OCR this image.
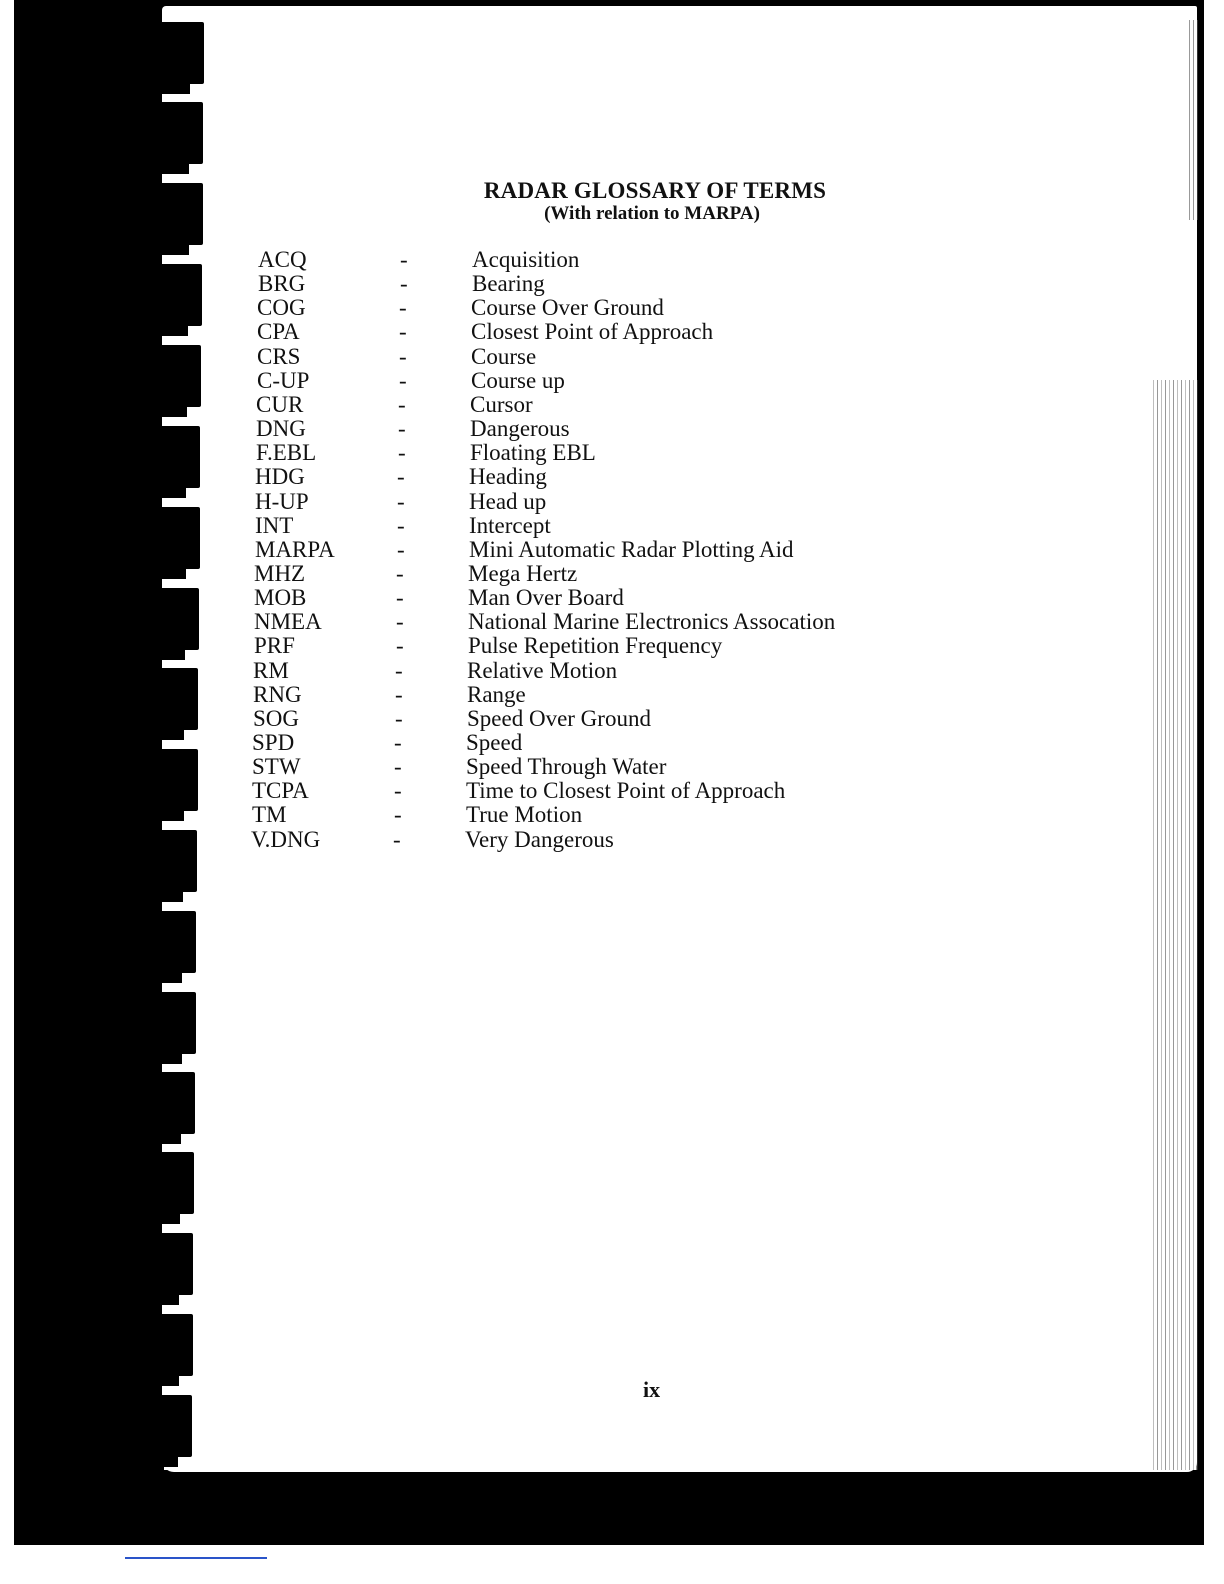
RADAR GLOSSARY OF TERMS
(With relation to MARPA)
ACQ	-	Acquisition
BRG	-	Bearing
COG	-	Course Over Ground
CPA	-	Closest Point of Approach
CRS	-	Course
C-UP	-	Course up
CUR	-	Cursor
DNG	-	Dangerous
F.EBL	-	Floating EBL
HDG	-	Heading
H-UP	-	Head up
INT	-	Intercept
MARPA	-	Mini Automatic Radar Plotting Aid
MHZ	-	Mega Hertz
MOB	-	Man Over Board
NMEA	-	National Marine Electronics Assocation
PRF	-	Pulse Repetition Frequency
RM	-	Relative Motion
RNG	-	Range
SOG	-	Speed Over Ground
SPD	-	Speed
STW	-	Speed Through Water
TCPA	-	Time to Closest Point of Approach
TM	-	True Motion
V.DNG	-	Very Dangerous
ix
